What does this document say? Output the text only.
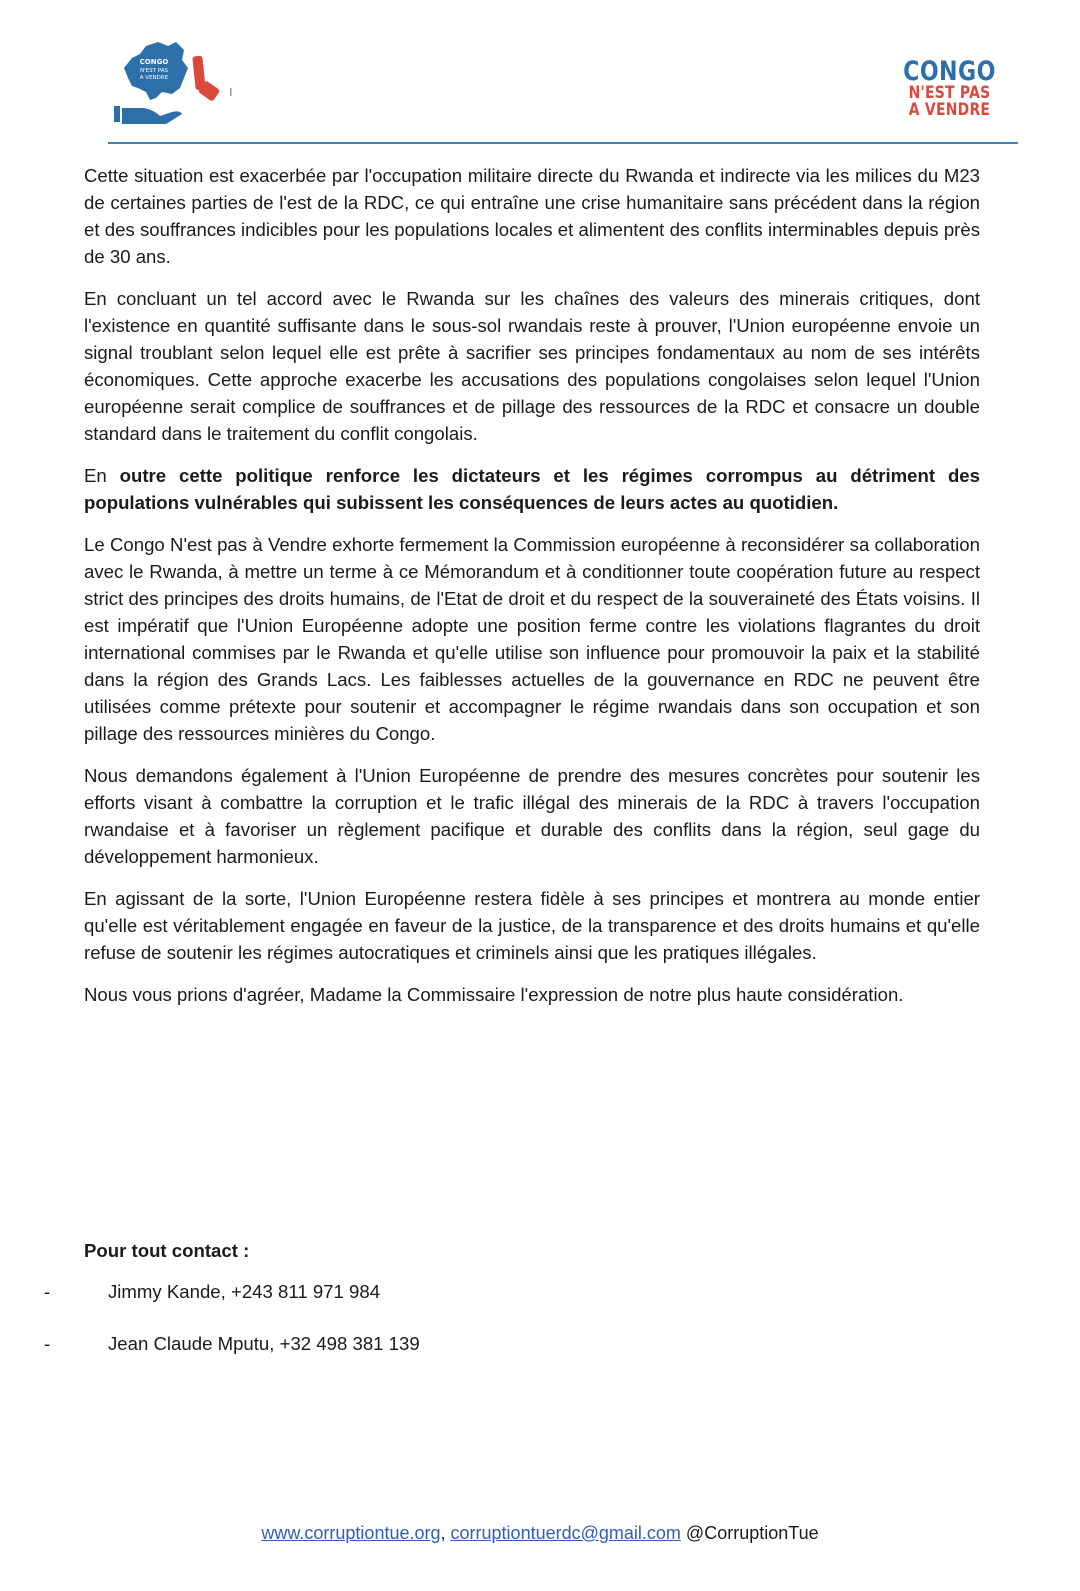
CONGO
N'EST PAS
A VENDRE	CONGO
N'EST PAS
A VENDRE

Cette situation est exacerbée par l'occupation militaire directe du Rwanda et indirecte via les milices du M23 de certaines parties de l'est de la RDC, ce qui entraîne une crise humanitaire sans précédent dans la région et des souffrances indicibles pour les populations locales et alimentent des conflits interminables depuis près de 30 ans.

En concluant un tel accord avec le Rwanda sur les chaînes des valeurs des minerais critiques, dont l'existence en quantité suffisante dans le sous-sol rwandais reste à prouver, l'Union européenne envoie un signal troublant selon lequel elle est prête à sacrifier ses principes fondamentaux au nom de ses intérêts économiques. Cette approche exacerbe les accusations des populations congolaises selon lequel l'Union européenne serait complice de souffrances et de pillage des ressources de la RDC et consacre un double standard dans le traitement du conflit congolais.

En outre cette politique renforce les dictateurs et les régimes corrompus au détriment des populations vulnérables qui subissent les conséquences de leurs actes au quotidien.

Le Congo N'est pas à Vendre exhorte fermement la Commission européenne à reconsidérer sa collaboration avec le Rwanda, à mettre un terme à ce Mémorandum et à conditionner toute coopération future au respect strict des principes des droits humains, de l'Etat de droit et du respect de la souveraineté des États voisins. Il est impératif que l'Union Européenne adopte une position ferme contre les violations flagrantes du droit international commises par le Rwanda et qu'elle utilise son influence pour promouvoir la paix et la stabilité dans la région des Grands Lacs. Les faiblesses actuelles de la gouvernance en RDC ne peuvent être utilisées comme prétexte pour soutenir et accompagner le régime rwandais dans son occupation et son pillage des ressources minières du Congo.

Nous demandons également à l'Union Européenne de prendre des mesures concrètes pour soutenir les efforts visant à combattre la corruption et le trafic illégal des minerais de la RDC à travers l'occupation rwandaise et à favoriser un règlement pacifique et durable des conflits dans la région, seul gage du développement harmonieux.

En agissant de la sorte, l'Union Européenne restera fidèle à ses principes et montrera au monde entier qu'elle est véritablement engagée en faveur de la justice, de la transparence et des droits humains et qu'elle refuse de soutenir les régimes autocratiques et criminels ainsi que les pratiques illégales.

Nous vous prions d'agréer, Madame la Commissaire l'expression de notre plus haute considération.

Pour tout contact :
-	Jimmy Kande, +243 811 971 984
-	Jean Claude Mputu, +32 498 381 139
www.corruptiontue.org, corruptiontuerdc@gmail.com @CorruptionTue
